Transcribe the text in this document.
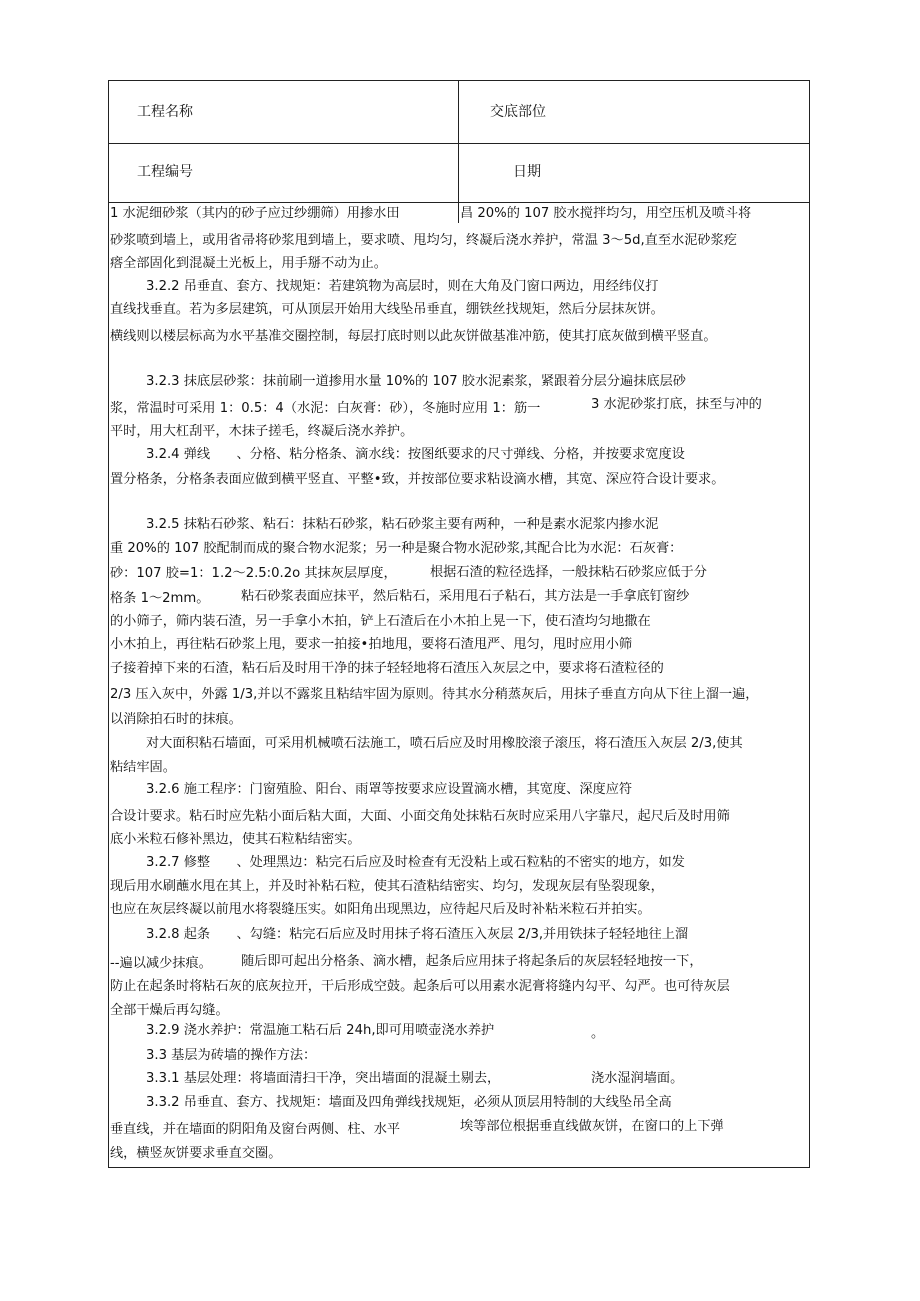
工程名称	交底部位
工程编号	日期
1 水泥细砂浆（其内的砂子应过纱绷筛）用掺水田	昌 20%的 107 胶水搅拌均匀，用空压机及喷斗将
砂浆喷到墙上，或用省帚将砂浆甩到墙上，要求喷、甩均匀，终凝后浇水养护，常温 3～5d,直至水泥砂浆疙
瘩全部固化到混凝土光板上，用手掰不动为止。
3.2.2 吊垂直、套方、找规矩：若建筑物为高层时，则在大角及门窗口两边，用经纬仪打
直线找垂直。若为多层建筑，可从顶层开始用大线坠吊垂直，绷铁丝找规矩，然后分层抹灰饼。
横线则以楼层标高为水平基准交圈控制，每层打底时则以此灰饼做基准冲筋，使其打底灰做到横平竖直。
3.2.3 抹底层砂浆：抹前刷一道掺用水量 10%的 107 胶水泥素浆，紧跟着分层分遍抹底层砂
浆，常温时可采用 1：0.5：4（水泥：白灰膏：砂），冬施时应用 1：筋一	3 水泥砂浆打底，抹至与冲的
平时，用大杠刮平，木抹子搓毛，终凝后浇水养护。
3.2.4 弹线　　、分格、粘分格条、滴水线：按图纸要求的尺寸弹线、分格，并按要求宽度设
置分格条，分格条表面应做到横平竖直、平整•致，并按部位要求粘设滴水槽，其宽、深应符合设计要求。
3.2.5 抹粘石砂浆、粘石：抹粘石砂浆，粘石砂浆主要有两种，一种是素水泥浆内掺水泥
重 20%的 107 胶配制而成的聚合物水泥浆；另一种是聚合物水泥砂浆,其配合比为水泥：石灰膏：
砂：107 胶=1：1.2～2.5:0.2o 其抹灰层厚度，	根据石渣的粒径选择，一般抹粘石砂浆应低于分
格条 1～2mm。 粘石砂浆表面应抹平，然后粘石，采用甩石子粘石，其方法是一手拿底钉窗纱
的小筛子，筛内装石渣，另一手拿小木拍，铲上石渣后在小木拍上晃一下，使石渣均匀地撒在
小木拍上，再往粘石砂浆上甩，要求一拍接•拍地甩，要将石渣甩严、甩匀，甩时应用小筛
子接着掉下来的石渣，粘石后及时用干净的抹子轻轻地将石渣压入灰层之中，要求将石渣粒径的
2/3 压入灰中，外露 1/3,并以不露浆且粘结牢固为原则。待其水分稍蒸灰后，用抹子垂直方向从下往上溜一遍，
以消除拍石时的抹痕。
对大面积粘石墙面，可采用机械喷石法施工，喷石后应及时用橡胶滚子滚压，将石渣压入灰层 2/3,使其
粘结牢固。
3.2.6 施工程序：门窗殖脸、阳台、雨罩等按要求应设置滴水槽，其宽度、深度应符
合设计要求。粘石时应先粘小面后粘大面，大面、小面交角处抹粘石灰时应采用八字靠尺，起尺后及时用筛
底小米粒石修补黑边，使其石粒粘结密实。
3.2.7 修整　　、处理黑边：粘完石后应及时检查有无没粘上或石粒粘的不密实的地方，如发
现后用水刷蘸水甩在其上，并及时补粘石粒，使其石渣粘结密实、均匀，发现灰层有坠裂现象，
也应在灰层终凝以前甩水将裂缝压实。如阳角出现黑边，应待起尺后及时补粘米粒石并拍实。
3.2.8 起条　　、勾缝：粘完石后应及时用抹子将石渣压入灰层 2/3,并用铁抹子轻轻地往上溜
--遍以减少抹痕。 随后即可起出分格条、滴水槽，起条后应用抹子将起条后的灰层轻轻地按一下，
防止在起条时将粘石灰的底灰拉开，干后形成空鼓。起条后可以用素水泥膏将缝内勾平、勾严。也可待灰层
全部干燥后再勾缝。
3.2.9 浇水养护：常温施工粘石后 24h,即可用喷壶浇水养护	。
3.3 基层为砖墙的操作方法：
3.3.1 基层处理：将墙面清扫干净，突出墙面的混凝土剔去，	浇水湿润墙面。
3.3.2 吊垂直、套方、找规矩：墙面及四角弹线找规矩，必须从顶层用特制的大线坠吊全高
垂直线，并在墙面的阴阳角及窗台两侧、柱、水平	埃等部位根据垂直线做灰饼，在窗口的上下弹
线，横竖灰饼要求垂直交圈。
